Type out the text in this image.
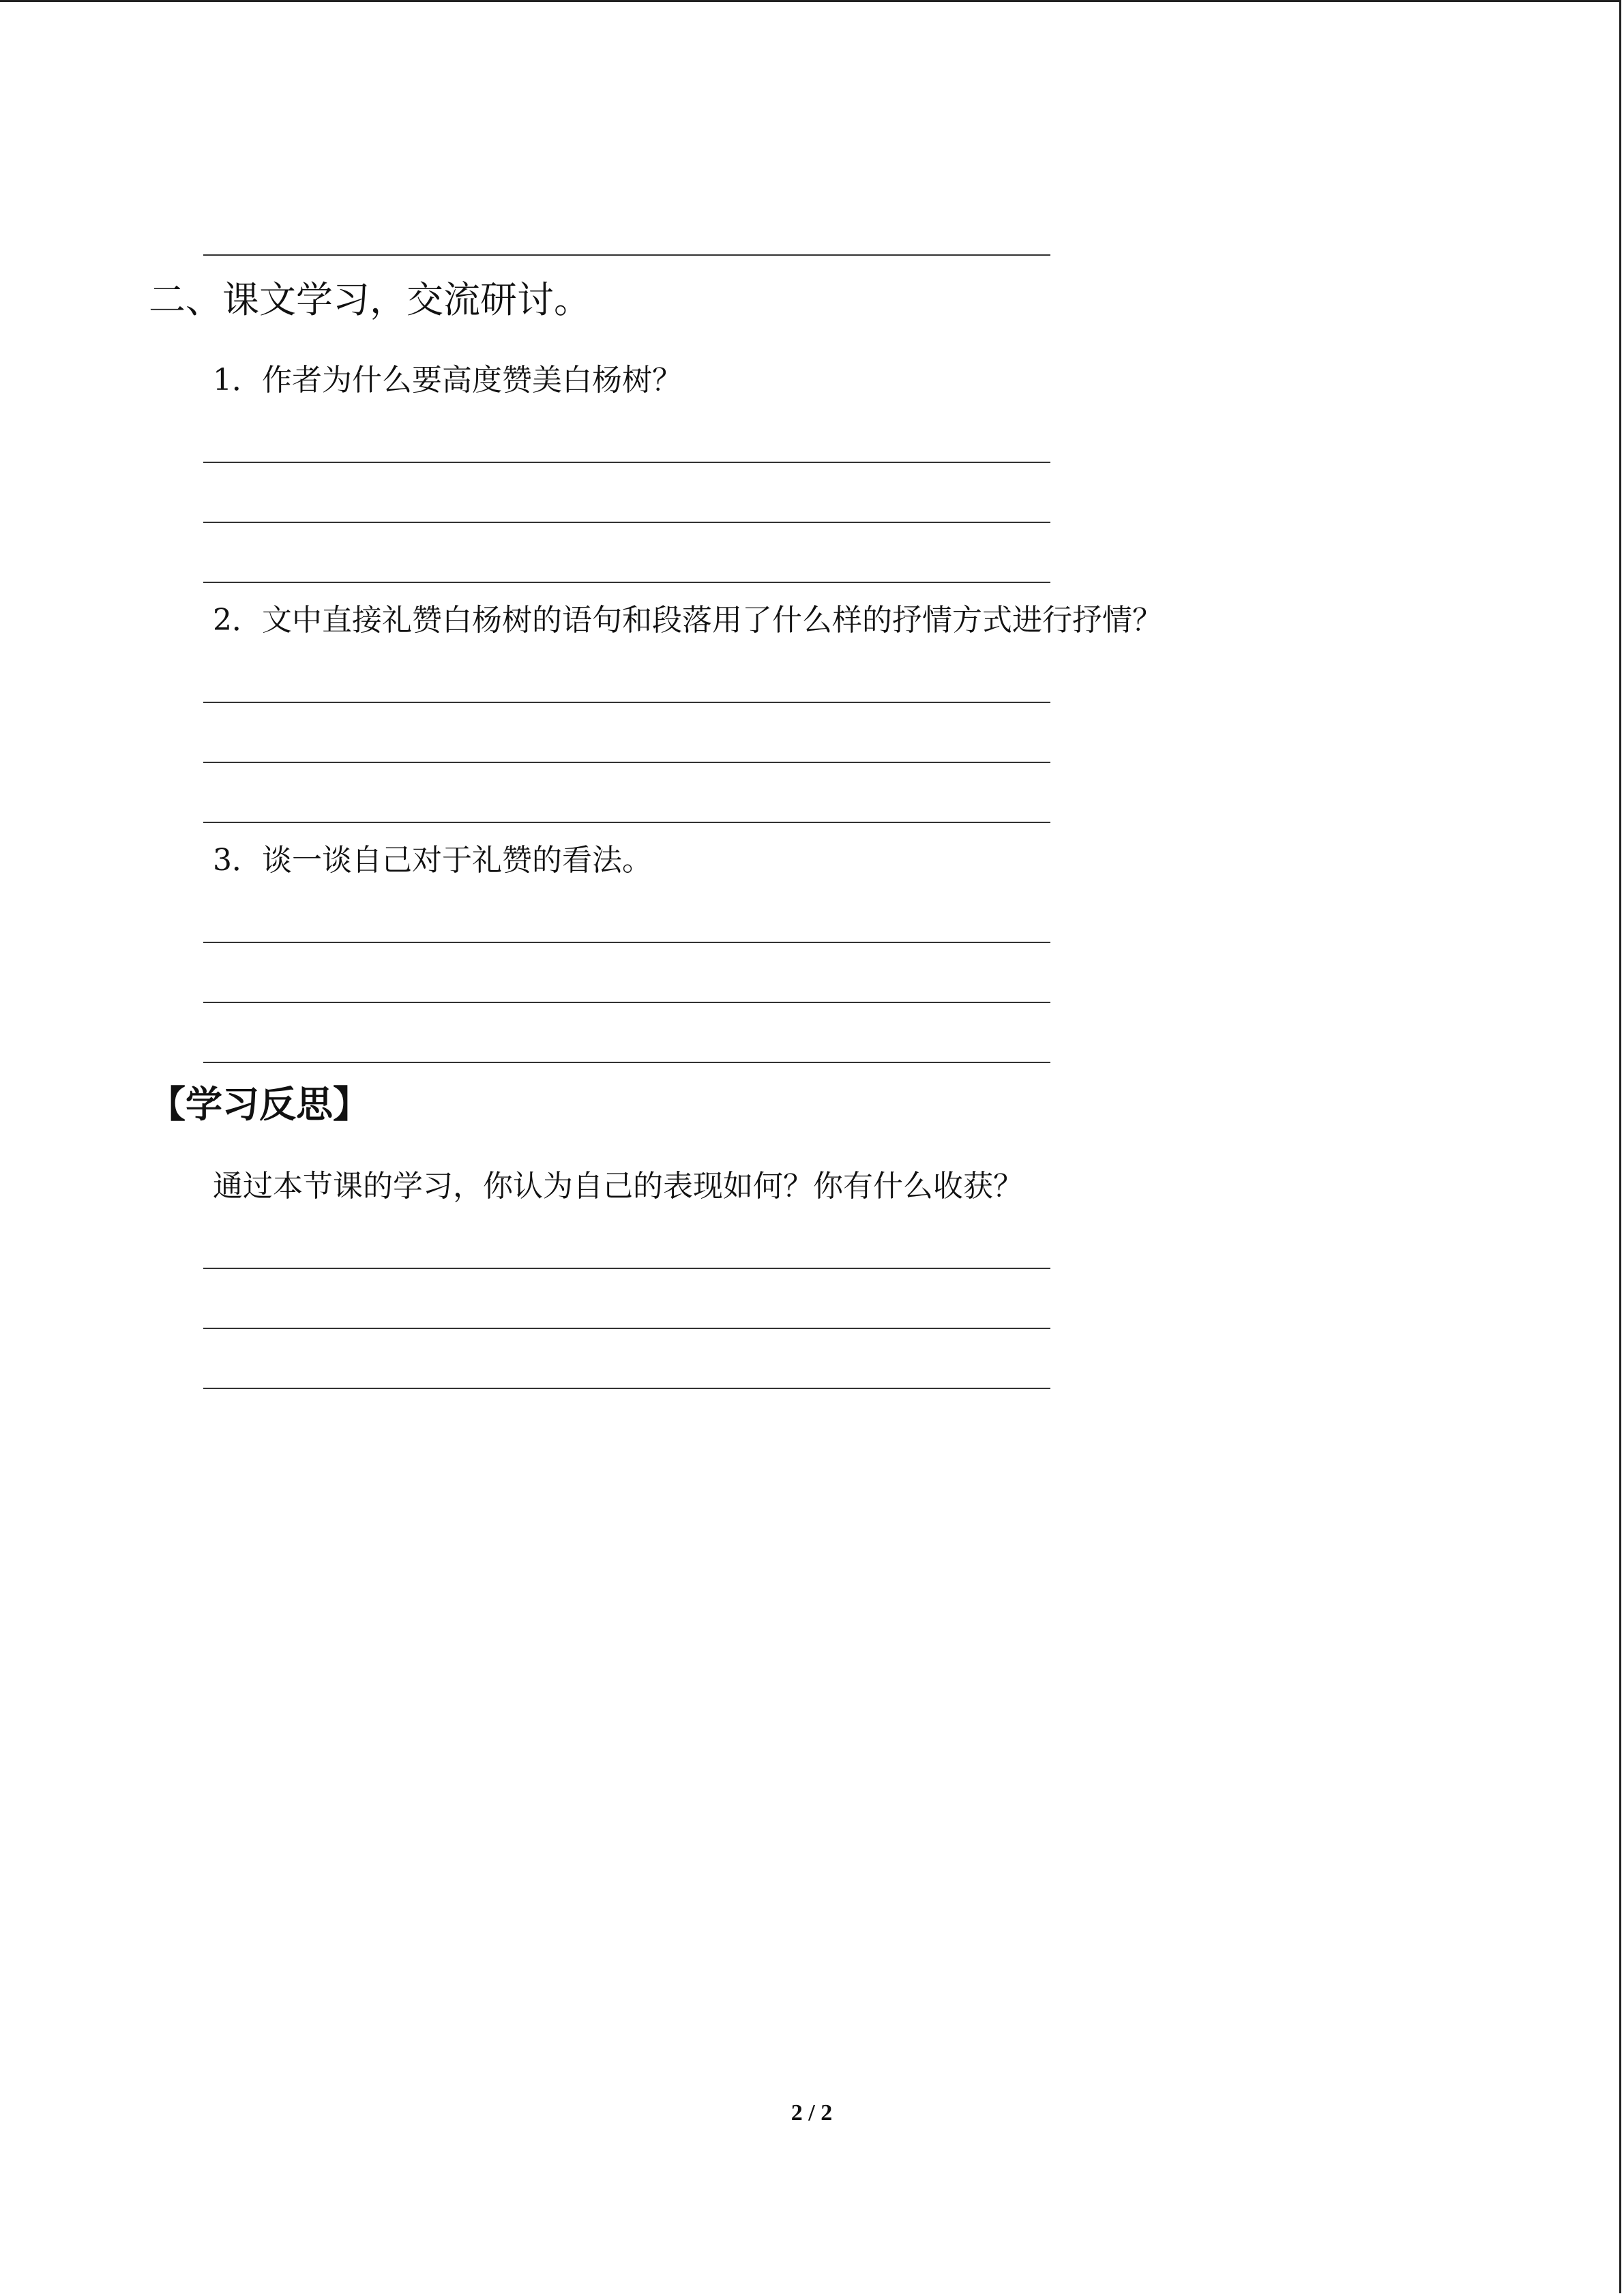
二、课文学习，交流研讨。
1．作者为什么要高度赞美白杨树？
2．文中直接礼赞白杨树的语句和段落用了什么样的抒情方式进行抒情？
3．谈一谈自己对于礼赞的看法。
【学习反思】
通过本节课的学习，你认为自己的表现如何？你有什么收获？
2 / 2
